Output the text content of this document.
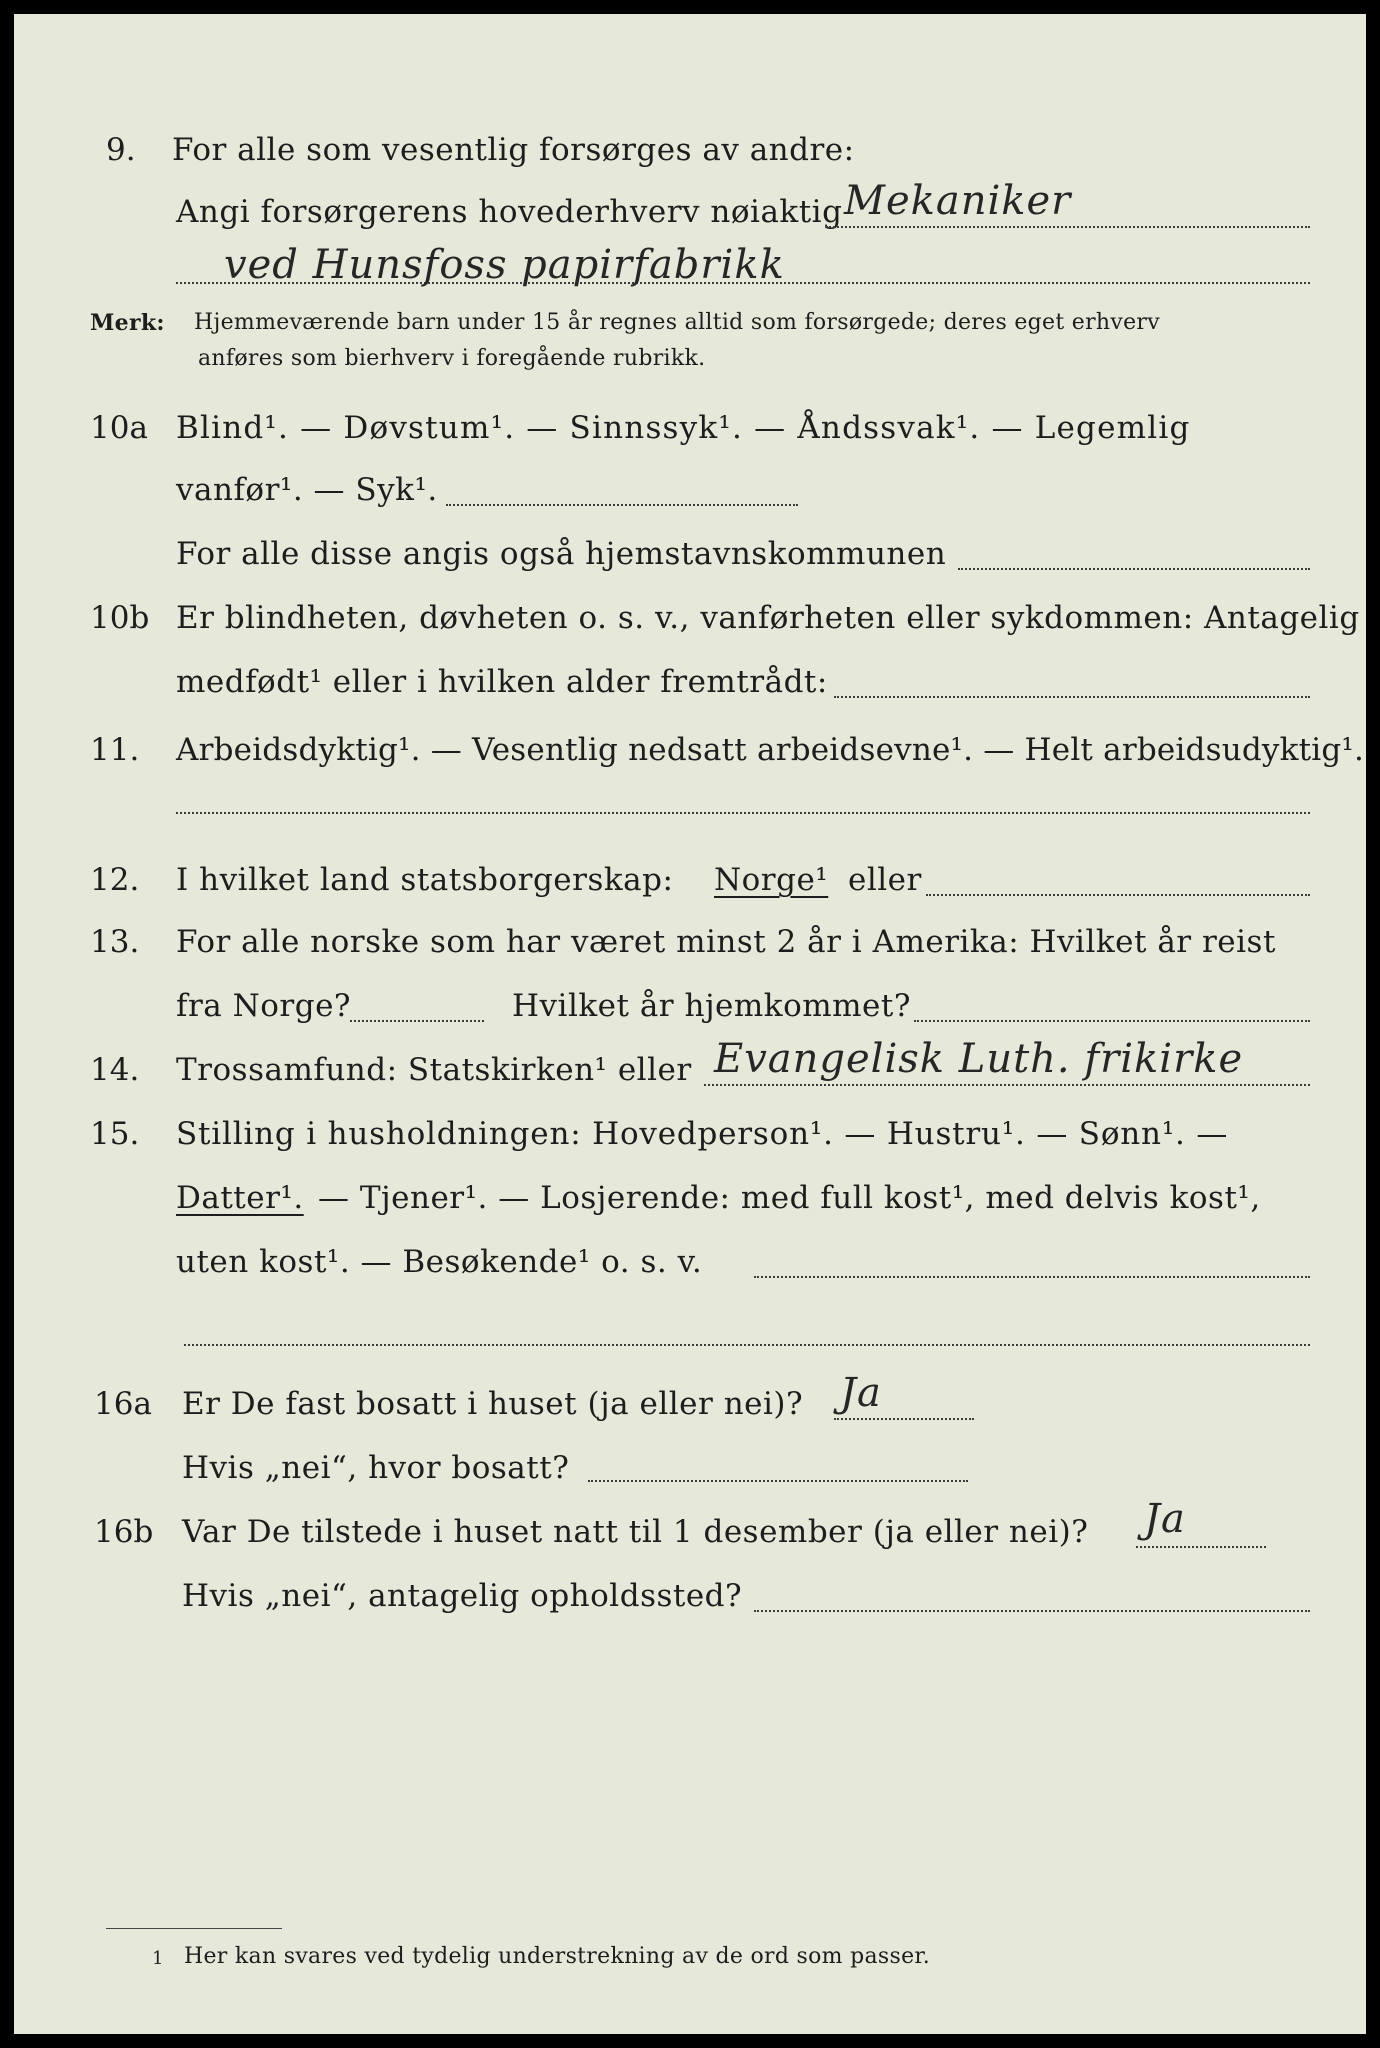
9. For alle som vesentlig forsørges av andre:
Angi forsørgerens hovederhverv nøiaktig Mekaniker
ved Hunsfoss papirfabrikk
Merk: Hjemmeværende barn under 15 år regnes alltid som forsørgede; deres eget erhverv
anføres som bierhverv i foregående rubrikk.
10a Blind¹. — Døvstum¹. — Sinnssyk¹. — Åndssvak¹. — Legemlig
vanfør¹. — Syk¹.
For alle disse angis også hjemstavnskommunen
10b Er blindheten, døvheten o. s. v., vanførheten eller sykdommen: Antagelig
medfødt¹ eller i hvilken alder fremtrådt:
11. Arbeidsdyktig¹. — Vesentlig nedsatt arbeidsevne¹. — Helt arbeidsudyktig¹.
12. I hvilket land statsborgerskap: Norge¹ eller
13. For alle norske som har været minst 2 år i Amerika: Hvilket år reist
fra Norge?	Hvilket år hjemkommet?
14. Trossamfund: Statskirken¹ eller Evangelisk Luth. frikirke
15. Stilling i husholdningen: Hovedperson¹. — Hustru¹. — Sønn¹. —
Datter¹. — Tjener¹. — Losjerende: med full kost¹, med delvis kost¹,
uten kost¹. — Besøkende¹ o. s. v.
16a Er De fast bosatt i huset (ja eller nei)? Ja
Hvis „nei“, hvor bosatt?
16b Var De tilstede i huset natt til 1 desember (ja eller nei)? Ja
Hvis „nei“, antagelig opholdssted?
1 Her kan svares ved tydelig understrekning av de ord som passer.
